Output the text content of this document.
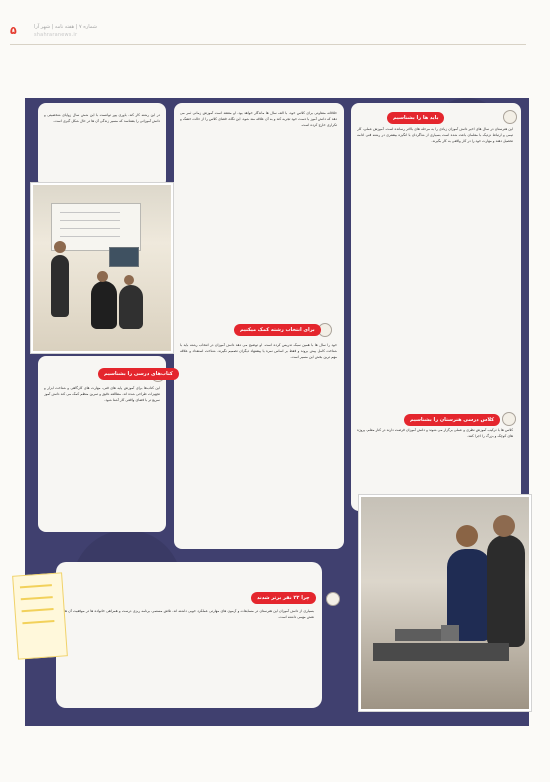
۵	شماره ۷ | هفته نامه | شهر آرا
shahraranews.ir
باید ها را بشناسیم
برای انتخاب رشته کمک میکنیم
کتاب‌های درسی را بشناسیم
کلاس درسی هنرستان را بشناسیم
چرا ۲۲ نفر برتر شدند
در این رشته کار کند. باوری پور توانست با این شش سال زوایای شخصیتی و دانش آموزانی را بشناسد که مسیر زندگی آن ها در حال شکل گیری است.
خلاقانه متفاوتی برای کلاس خود، با الف سال ها ماندگار خواهد بود. او معتقد است آموزش زمانی ثمر می دهد که دانش آموز با دست خود تجربه کند و به آن علاقه مند شود. این نگاه، فضای کلاس را از حالت خشک و تکراری خارج کرده است.
خود را سال ها با همین سبک تدریس کرده است. او توضیح می دهد دانش آموزان در انتخاب رشته باید با شناخت کامل پیش بروند و فقط بر اساس نمره یا پیشنهاد دیگران تصمیم نگیرند. شناخت استعداد و علاقه مهم ترین بخش این مسیر است.
این هنرستان در سال های اخیر دانش آموزان زیادی را به مرحله های بالاتر رسانده است. آموزش عملی، کار تیمی و ارتباط نزدیک با معلمان باعث شده است بسیاری از شاگردان با انگیزه بیشتری در رشته فنی ادامه تحصیل دهند و مهارت خود را در کار واقعی به کار بگیرند.
این کتاب‌ها برای آموزش پایه های فنی، مهارت های کارگاهی و شناخت ابزار و تجهیزات طراحی شده اند. مطالعه دقیق و تمرین منظم کمک می کند دانش آموز سریع تر با فضای واقعی کار آشنا شود.
کلاس ها با ترکیب آموزش نظری و عملی برگزار می شوند و دانش آموزان فرصت دارند در کنار معلم، پروژه های کوچک و بزرگ را اجرا کنند.
بسیاری از دانش آموزان این هنرستان در مسابقات و آزمون های مهارتی عملکرد خوبی داشته اند. تلاش مستمر، برنامه ریزی درست و همراهی خانواده ها در موفقیت آن ها نقش مهمی داشته است.
